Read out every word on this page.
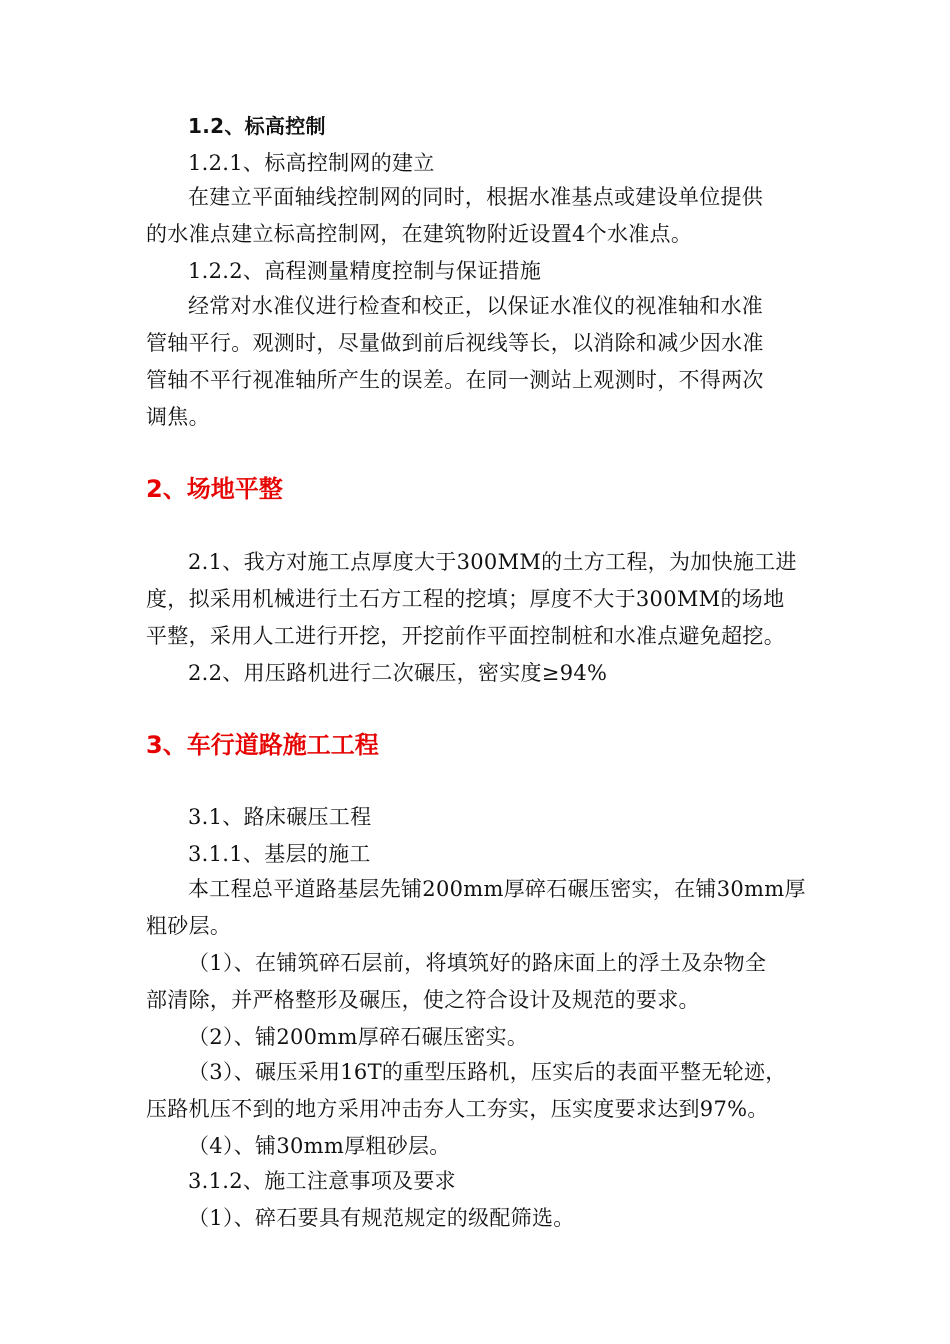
1.2、标高控制
1.2.1、标高控制网的建立
在建立平面轴线控制网的同时，根据水准基点或建设单位提供
的水准点建立标高控制网，在建筑物附近设置4个水准点。
1.2.2、高程测量精度控制与保证措施
经常对水准仪进行检查和校正，以保证水准仪的视准轴和水准
管轴平行。观测时，尽量做到前后视线等长，以消除和减少因水准
管轴不平行视准轴所产生的误差。在同一测站上观测时，不得两次
调焦。
2、场地平整
2.1、我方对施工点厚度大于300MM的土方工程，为加快施工进
度，拟采用机械进行土石方工程的挖填；厚度不大于300MM的场地
平整，采用人工进行开挖，开挖前作平面控制桩和水准点避免超挖。
2.2、用压路机进行二次碾压，密实度≥94%
3、车行道路施工工程
3.1、路床碾压工程
3.1.1、基层的施工
本工程总平道路基层先铺200mm厚碎石碾压密实，在铺30mm厚
粗砂层。
（1）、在铺筑碎石层前，将填筑好的路床面上的浮土及杂物全
部清除，并严格整形及碾压，使之符合设计及规范的要求。
（2）、铺200mm厚碎石碾压密实。
（3）、碾压采用16T的重型压路机，压实后的表面平整无轮迹，
压路机压不到的地方采用冲击夯人工夯实，压实度要求达到97%。
（4）、铺30mm厚粗砂层。
3.1.2、施工注意事项及要求
（1）、碎石要具有规范规定的级配筛选。
